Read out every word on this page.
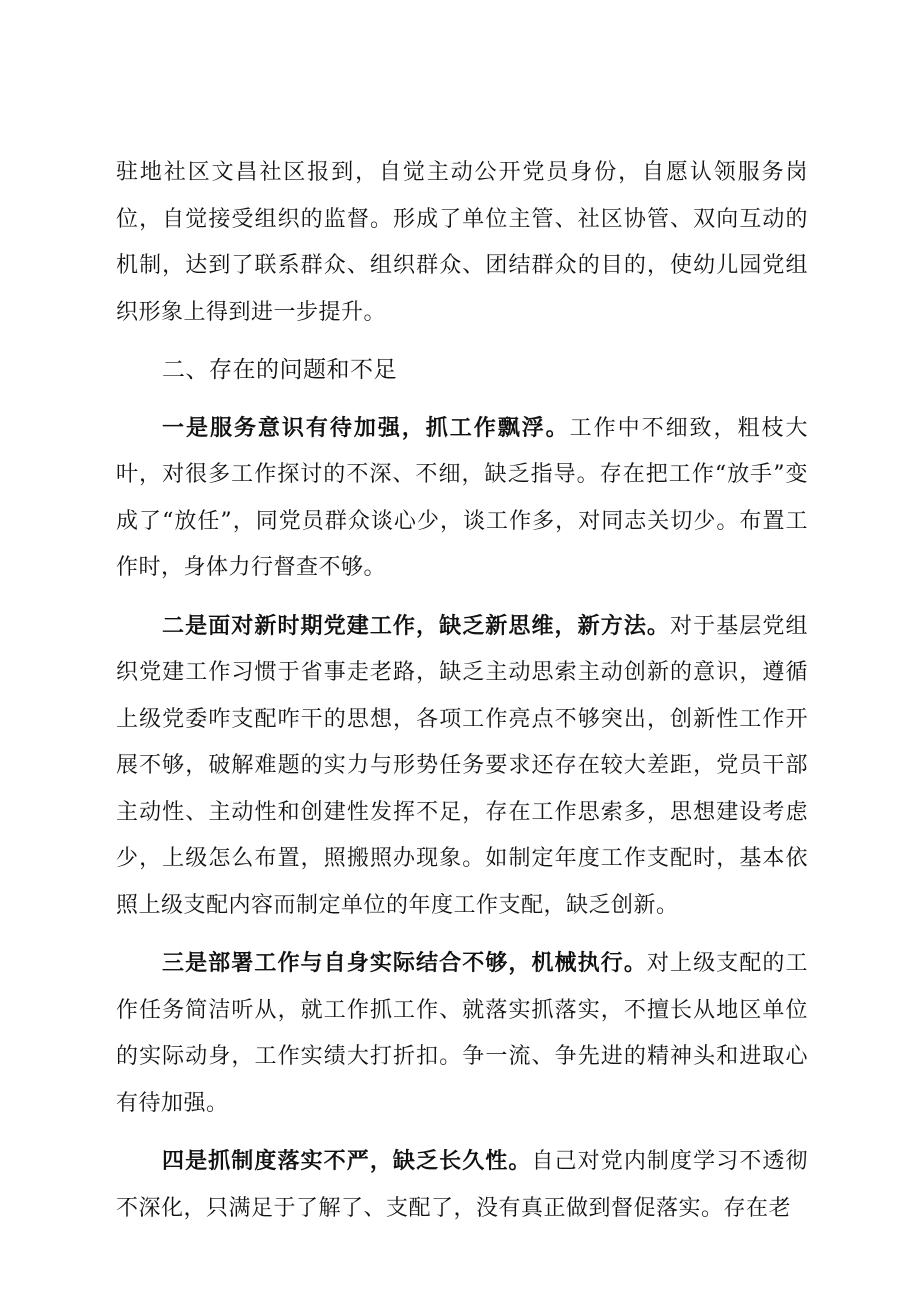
驻地社区文昌社区报到，自觉主动公开党员身份，自愿认领服务岗位，自觉接受组织的监督。形成了单位主管、社区协管、双向互动的机制，达到了联系群众、组织群众、团结群众的目的，使幼儿园党组织形象上得到进一步提升。

二、存在的问题和不足

一是服务意识有待加强，抓工作飘浮。工作中不细致，粗枝大叶，对很多工作探讨的不深、不细，缺乏指导。存在把工作“放手”变成了“放任”，同党员群众谈心少，谈工作多，对同志关切少。布置工作时，身体力行督查不够。

二是面对新时期党建工作，缺乏新思维，新方法。对于基层党组织党建工作习惯于省事走老路，缺乏主动思索主动创新的意识，遵循上级党委咋支配咋干的思想，各项工作亮点不够突出，创新性工作开展不够，破解难题的实力与形势任务要求还存在较大差距，党员干部主动性、主动性和创建性发挥不足，存在工作思索多，思想建设考虑少，上级怎么布置，照搬照办现象。如制定年度工作支配时，基本依照上级支配内容而制定单位的年度工作支配，缺乏创新。

三是部署工作与自身实际结合不够，机械执行。对上级支配的工作任务简洁听从，就工作抓工作、就落实抓落实，不擅长从地区单位的实际动身，工作实绩大打折扣。争一流、争先进的精神头和进取心有待加强。

四是抓制度落实不严，缺乏长久性。自己对党内制度学习不透彻不深化，只满足于了解了、支配了，没有真正做到督促落实。存在老
